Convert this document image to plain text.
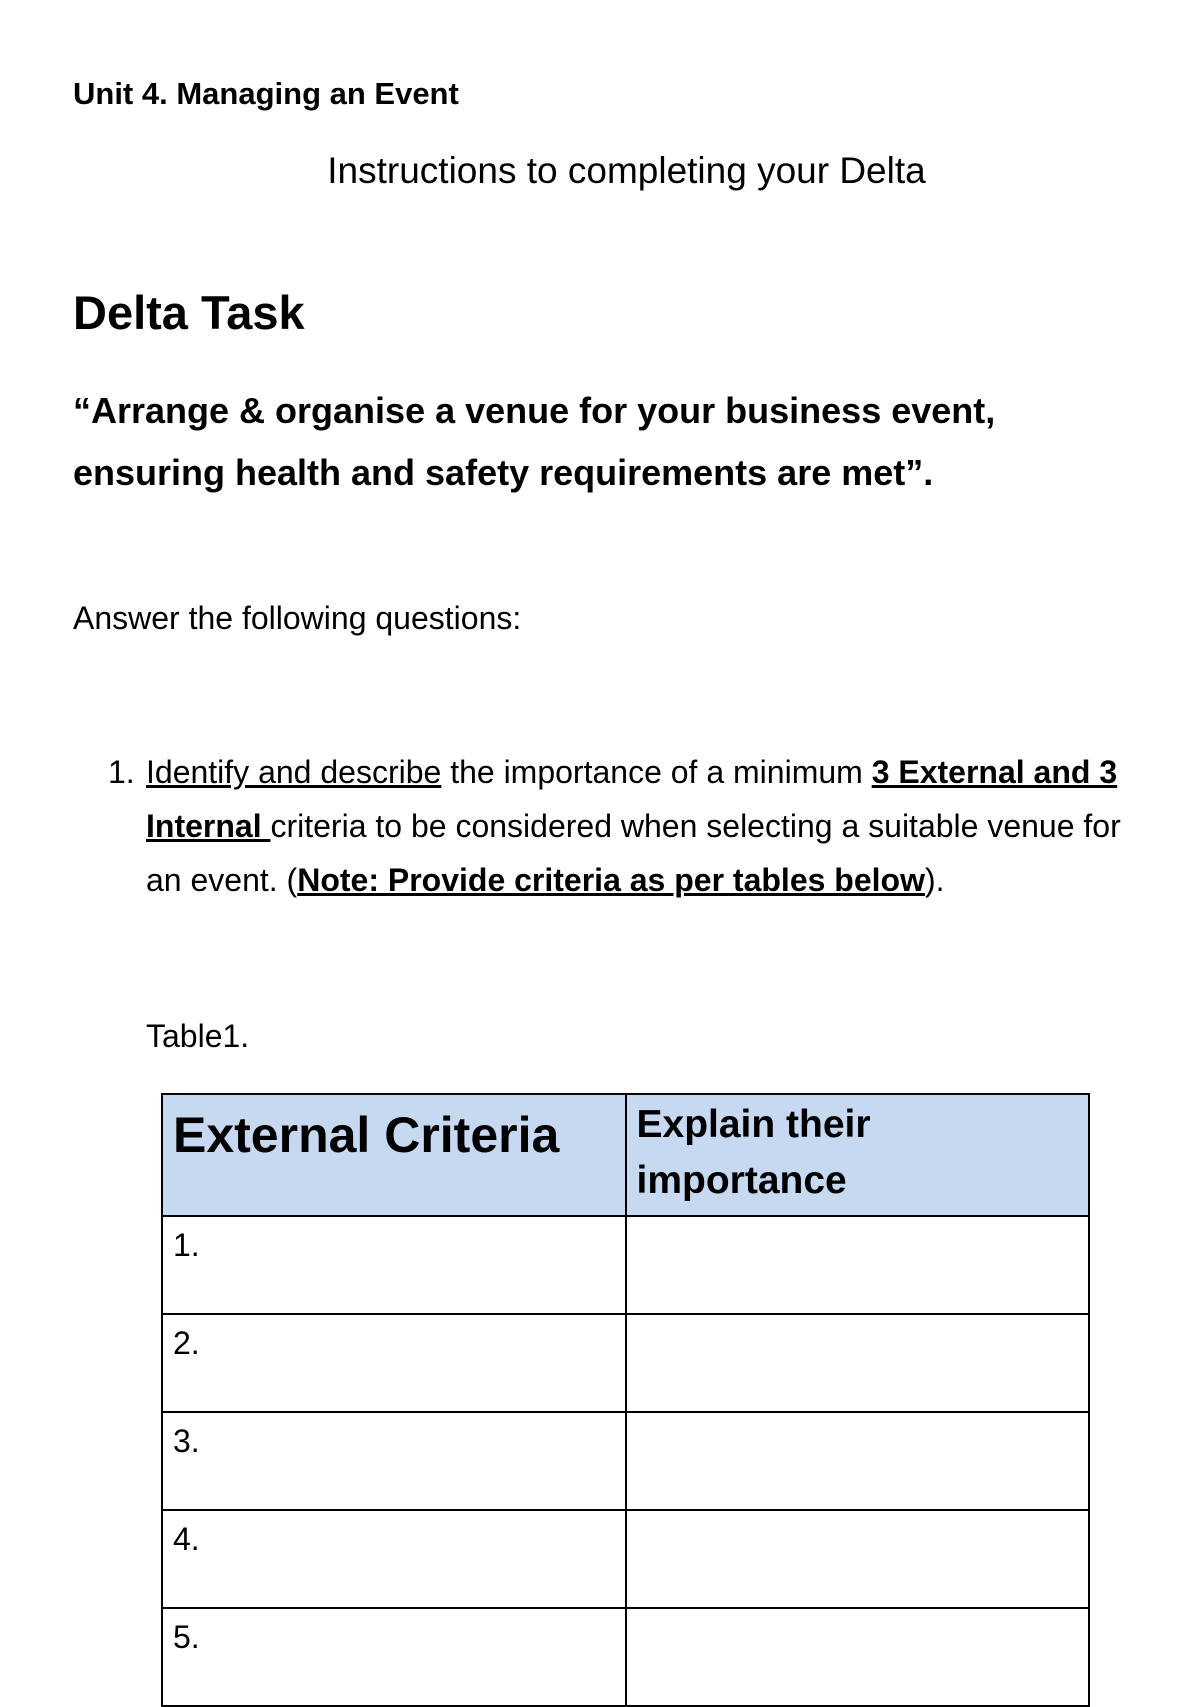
Unit 4. Managing an Event

Instructions to completing your Delta
Delta Task

“Arrange & organise a venue for your business event,
ensuring health and safety requirements are met”.

Answer the following questions:

1. Identify and describe the importance of a minimum 3 External and 3 Internal criteria to be considered when selecting a suitable venue for an event. (Note: Provide criteria as per tables below).

Table1.

External Criteria	Explain their importance
1.	
2.	
3.	
4.	
5.	
